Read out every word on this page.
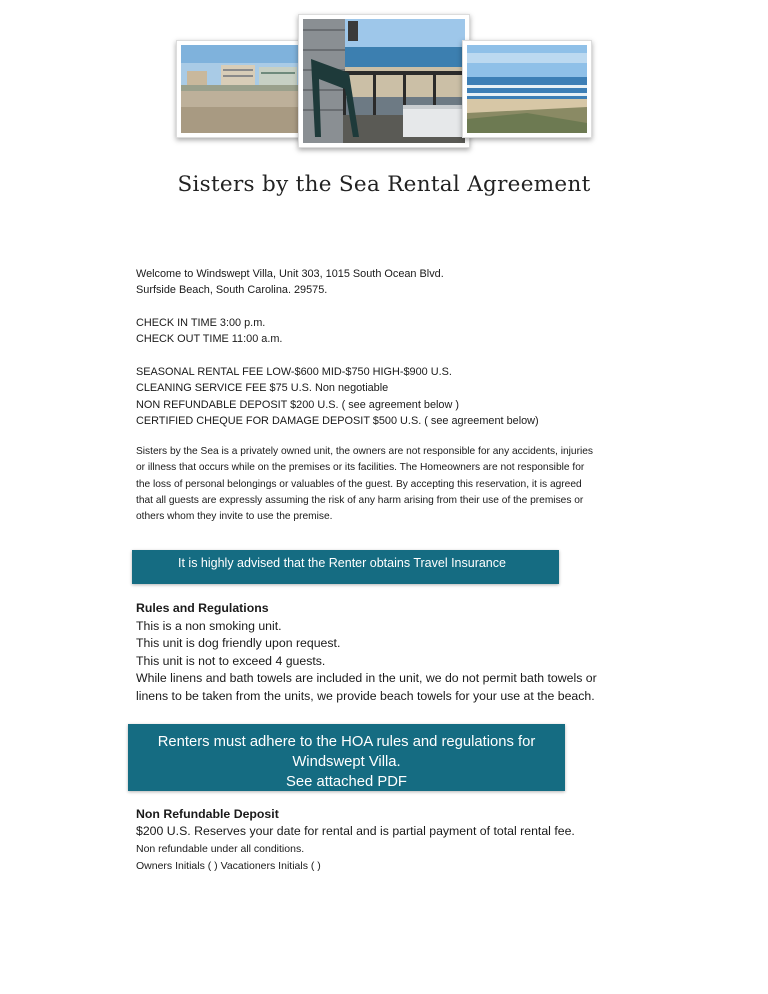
Sisters by the Sea Rental Agreement
Welcome to Windswept Villa, Unit 303, 1015 South Ocean Blvd.
Surfside Beach, South Carolina. 29575.
CHECK IN TIME 3:00 p.m.
CHECK OUT TIME 11:00 a.m.
SEASONAL RENTAL FEE LOW-$600 MID-$750 HIGH-$900 U.S.
CLEANING SERVICE FEE $75 U.S. Non negotiable
NON REFUNDABLE DEPOSIT $200 U.S. ( see agreement below )
CERTIFIED CHEQUE FOR DAMAGE DEPOSIT $500 U.S. ( see agreement below)
Sisters by the Sea is a privately owned unit, the owners are not responsible for any accidents, injuries
or illness that occurs while on the premises or its facilities. The Homeowners are not responsible for
the loss of personal belongings or valuables of the guest. By accepting this reservation, it is agreed
that all guests are expressly assuming the risk of any harm arising from their use of the premises or
others whom they invite to use the premise.
It is highly advised that the Renter obtains Travel Insurance
Rules and Regulations
This is a non smoking unit.
This unit is dog friendly upon request.
This unit is not to exceed 4 guests.
While linens and bath towels are included in the unit, we do not permit bath towels or
linens to be taken from the units, we provide beach towels for your use at the beach.
Renters must adhere to the HOA rules and regulations for
Windswept Villa.
See attached PDF
Non Refundable Deposit
$200 U.S. Reserves your date for rental and is partial payment of total rental fee.
Non refundable under all conditions.
Owners Initials ( ) Vacationers Initials ( )
